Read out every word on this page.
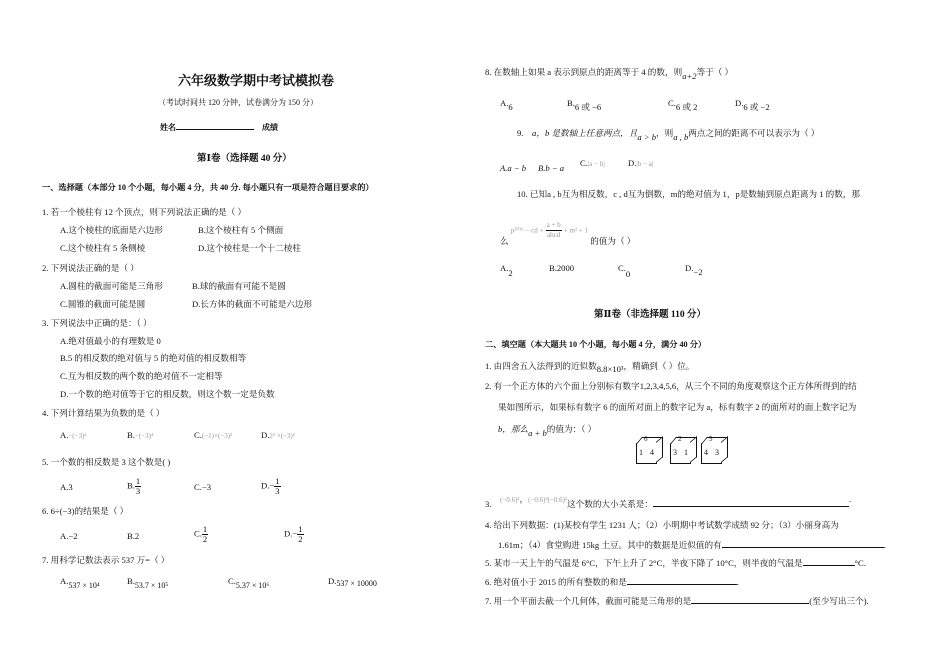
六年级数学期中考试模拟卷
（考试时间共 120 分钟，试卷满分为 150 分）
姓名	成绩
第Ⅰ卷（选择题 40 分）
一、选择题（本部分 10 个小题，每小题 4 分，共 40 分. 每小题只有一项是符合题目要求的）
1. 若一个棱柱有 12 个顶点，则下列说法正确的是（ ）
A.这个棱柱的底面是六边形	B.这个棱柱有 5 个侧面
C.这个棱柱有 5 条侧棱	D.这个棱柱是一个十二棱柱
2. 下列说法正确的是（ ）
A.圆柱的截面可能是三角形	B.球的截面有可能不是圆
C.圆锥的截面可能是圆	D.长方体的截面不可能是六边形
3. 下列说法中正确的是：（ ）
A.绝对值最小的有理数是 0
B.5 的相反数的绝对值与 5 的绝对值的相反数相等
C.互为相反数的两个数的绝对值不一定相等
D.一个数的绝对值等于它的相反数，则这个数一定是负数
4. 下列计算结果为负数的是（ ）
A.−(−3)²	B.−(−3)⁴	C.(−1)×(−3)²	D.2² ×(−3)²
5. 一个数的相反数是 3 这个数是( )
A.3	B. $\frac{1}{3}$	C.−3	$D.- \frac{1}{3}$
6. 6÷(−3)的结果是（ ）
A.−2	B.2	C. $\frac{1}{2}$	$D.- \frac{1}{2}$
7. 用科学记数法表示 537 万=（ ）
A.537 × 10⁴	B.53.7 × 10⁵	C.5.37 × 10⁶	D.537 × 10000
8. 在数轴上如果 a 表示到原点的距离等于 4 的数，则a+2等于（ ）
A.6	B.6 或 −6	C.6 或 2	D.6 或 −2
9. a，b 是数轴上任意两点，且a > b，则a , b两点之间的距离不可以表示为（ ）
A.a − b B.b − a C.|a − b|	D.|b − a|
10. 已知a , b互为相反数，c , d互为倒数，m的绝对值为 1，p是数轴到原点距离为 1 的数，那
么 p²⁰¹⁶ − cd + $\frac{a + b}{\text{abcd}} + m^2 + 1$ 的值为（ ）
A.2	B.2000	C.0
D.−2
第Ⅱ卷（非选择题 110 分）
二、填空题（本大题共 10 个小题，每小题 4 分，满分 40 分）
1. 由四舍五入法得到的近似数8.8×10³，精确到（ ）位。
2. 有一个正方体的六个面上分别标有数字1,2,3,4,5,6，从三个不同的角度观察这个正方体所得到的结
果如图所示，如果标有数字 6 的面所对面上的数字记为 a，标有数字 2 的面所对的面上数字记为
b，那么a + b的值为：（ ）
6
1 4
2
3 1
5
4 3
3. (−0.6)²，(−0.6)³(−0.6)²这个数的大小关系是：	.
4. 给出下列数据：(1)某校有学生 1231 人；（2）小明期中考试数学成绩 92 分；（3）小丽身高为
1.61m；（4）食堂购进 15kg 土豆。其中的数据是近似值的有	.
5. 某市一天上午的气温是 6°C，下午上升了 2°C，半夜下降了 10°C，则半夜的气温是	°C.
6. 绝对值小于 2015 的所有整数的和是	.
7. 用一个平面去截一个几何体，截面可能是三角形的是	(至少写出三个).
